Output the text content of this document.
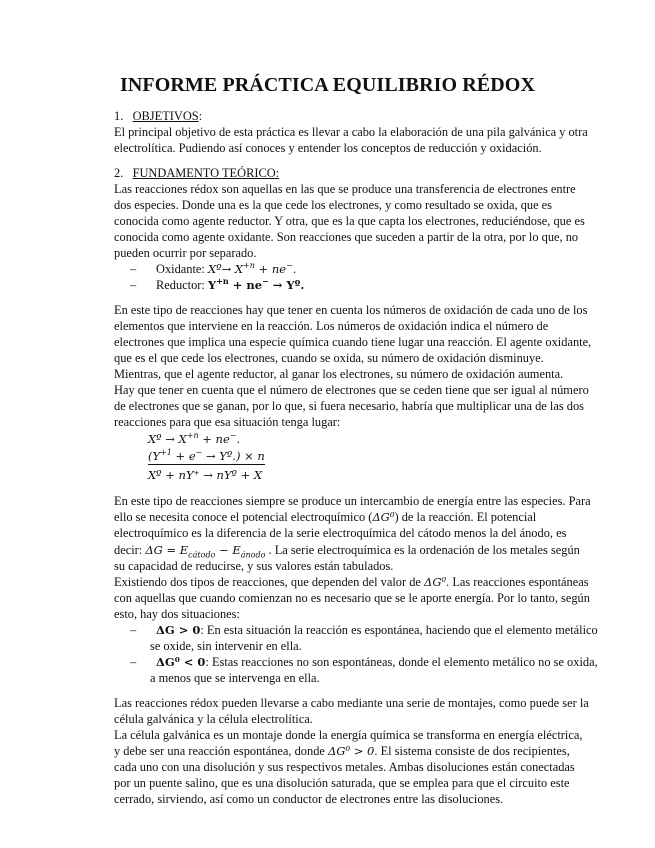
INFORME PRÁCTICA EQUILIBRIO RÉDOX
1. OBJETIVOS:
El principal objetivo de esta práctica es llevar a cabo la elaboración de una pila galvánica y otra
electrolítica. Pudiendo así conoces y entender los conceptos de reducción y oxidación.
2. FUNDAMENTO TEÓRICO:
Las reacciones rédox son aquellas en las que se produce una transferencia de electrones entre
dos especies. Donde una es la que cede los electrones, y como resultado se oxida, que es
conocida como agente reductor. Y otra, que es la que capta los electrones, reduciéndose, que es
conocida como agente oxidante. Son reacciones que suceden a partir de la otra, por lo que, no
pueden ocurrir por separado.
– Oxidante: Xº→ $X^{+n} + ne^-$.
– Reductor: $Y^{+n} + ne^-$ → Yº.
En este tipo de reacciones hay que tener en cuenta los números de oxidación de cada uno de los
elementos que interviene en la reacción. Los números de oxidación indica el número de
electrones que implica una especie química cuando tiene lugar una reacción. El agente oxidante,
que es el que cede los electrones, cuando se oxida, su número de oxidación disminuye.
Mientras, que el agente reductor, al ganar los electrones, su número de oxidación aumenta.
Hay que tener en cuenta que el número de electrones que se ceden tiene que ser igual al número
de electrones que se ganan, por lo que, si fuera necesario, habría que multiplicar una de las dos
reacciones para que esa situación tenga lugar:
Xº → $X^{+n} + ne^-$.
($Y^{+1} + e^-$ → Yº.) × n
Xº + nY⁺ → nYº + X
En este tipo de reacciones siempre se produce un intercambio de energía entre las especies. Para
ello se necesita conoce el potencial electroquímico (ΔG⁰) de la reacción. El potencial
electroquímico es la diferencia de la serie electroquímica del cátodo menos la del ánodo, es
decir: $\Delta G = E_{cátodo} - E_{ánodo}$ . La serie electroquímica es la ordenación de los metales según
su capacidad de reducirse, y sus valores están tabulados.
Existiendo dos tipos de reacciones, que dependen del valor de ΔG⁰. Las reacciones espontáneas
con aquellas que cuando comienzan no es necesario que se le aporte energía. Por lo tanto, según
esto, hay dos situaciones:
– ΔG > 0: En esta situación la reacción es espontánea, haciendo que el elemento metálico
se oxide, sin intervenir en ella.
– ΔG⁰ < 0: Estas reacciones no son espontáneas, donde el elemento metálico no se oxida,
a menos que se intervenga en ella.
Las reacciones rédox pueden llevarse a cabo mediante una serie de montajes, como puede ser la
célula galvánica y la célula electrolítica.
La célula galvánica es un montaje donde la energía química se transforma en energía eléctrica,
y debe ser una reacción espontánea, donde ΔG⁰ > 0. El sistema consiste de dos recipientes,
cada uno con una disolución y sus respectivos metales. Ambas disoluciones están conectadas
por un puente salino, que es una disolución saturada, que se emplea para que el circuito este
cerrado, sirviendo, así como un conductor de electrones entre las disoluciones.
